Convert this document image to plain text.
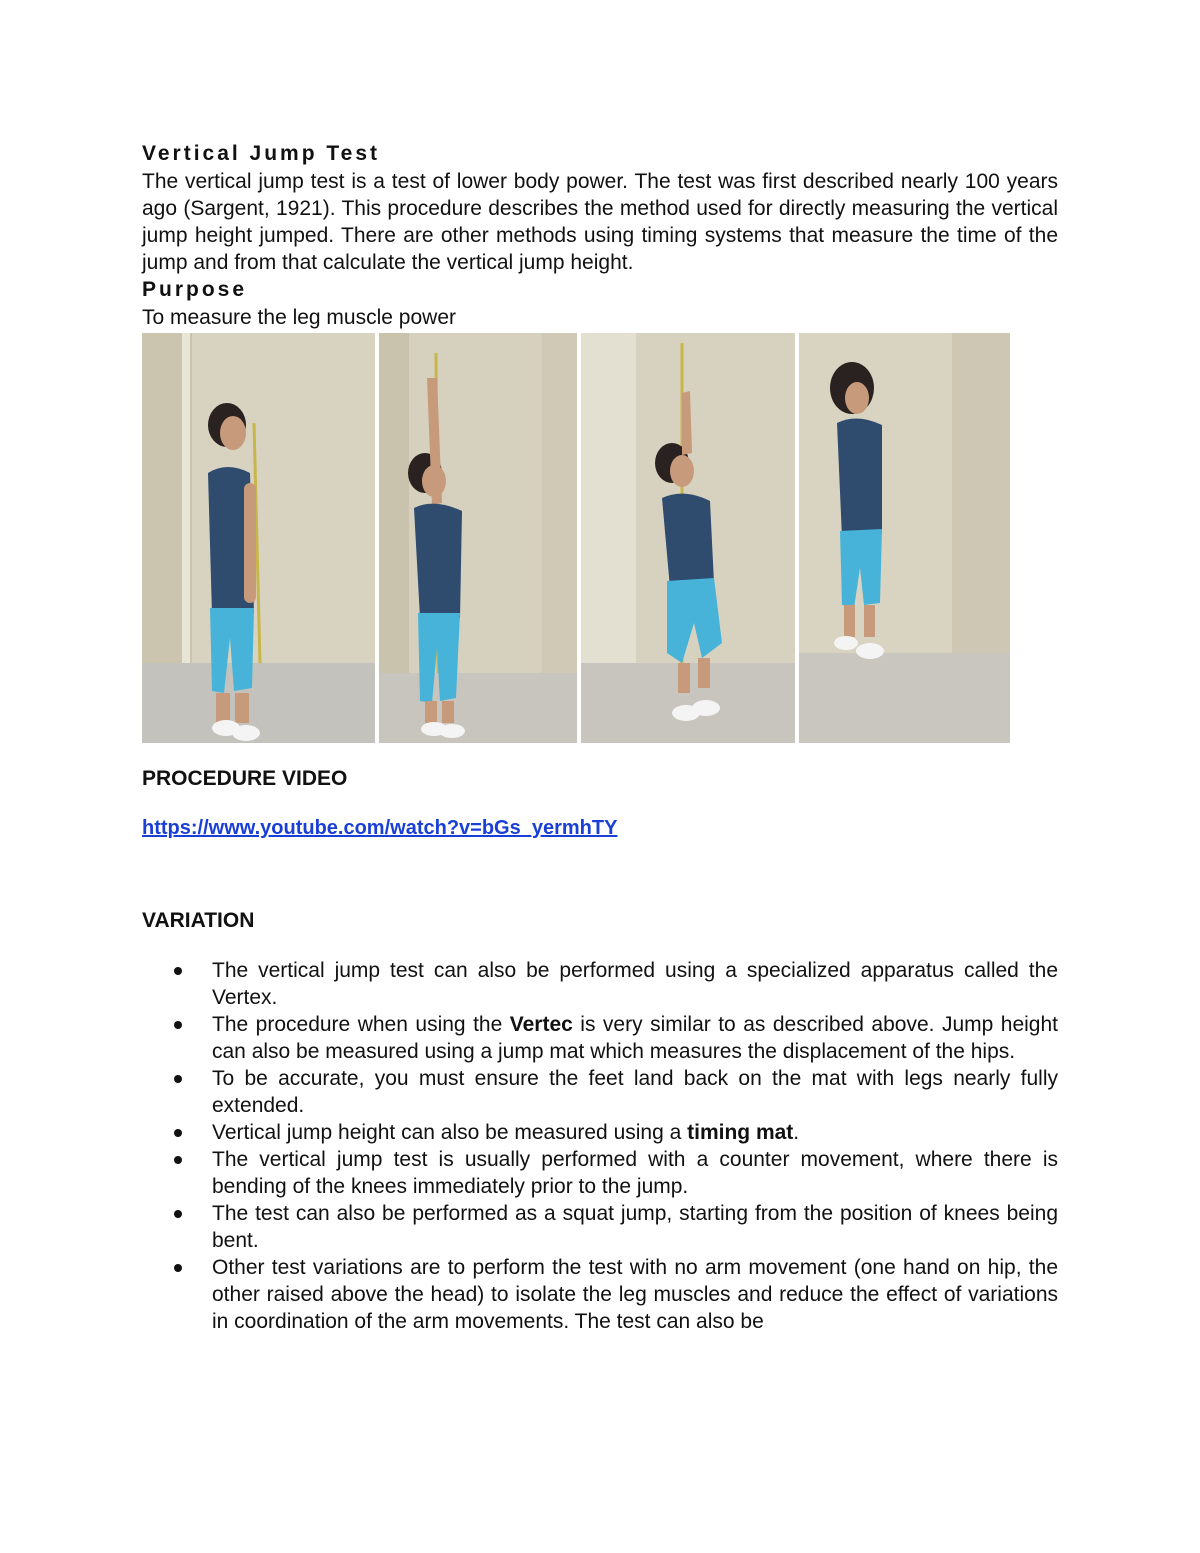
Vertical Jump Test

The vertical jump test is a test of lower body power. The test was first described nearly 100 years ago (Sargent, 1921). This procedure describes the method used for directly measuring the vertical jump height jumped. There are other methods using timing systems that measure the time of the jump and from that calculate the vertical jump height.

Purpose

To measure the leg muscle power

PROCEDURE VIDEO

https://www.youtube.com/watch?v=bGs_yermhTY

VARIATION

The vertical jump test can also be performed using a specialized apparatus called the Vertex.
The procedure when using the Vertec is very similar to as described above. Jump height can also be measured using a jump mat which measures the displacement of the hips.
To be accurate, you must ensure the feet land back on the mat with legs nearly fully extended.
Vertical jump height can also be measured using a timing mat.
The vertical jump test is usually performed with a counter movement, where there is bending of the knees immediately prior to the jump.
The test can also be performed as a squat jump, starting from the position of knees being bent.
Other test variations are to perform the test with no arm movement (one hand on hip, the other raised above the head) to isolate the leg muscles and reduce the effect of variations in coordination of the arm movements. The test can also be
